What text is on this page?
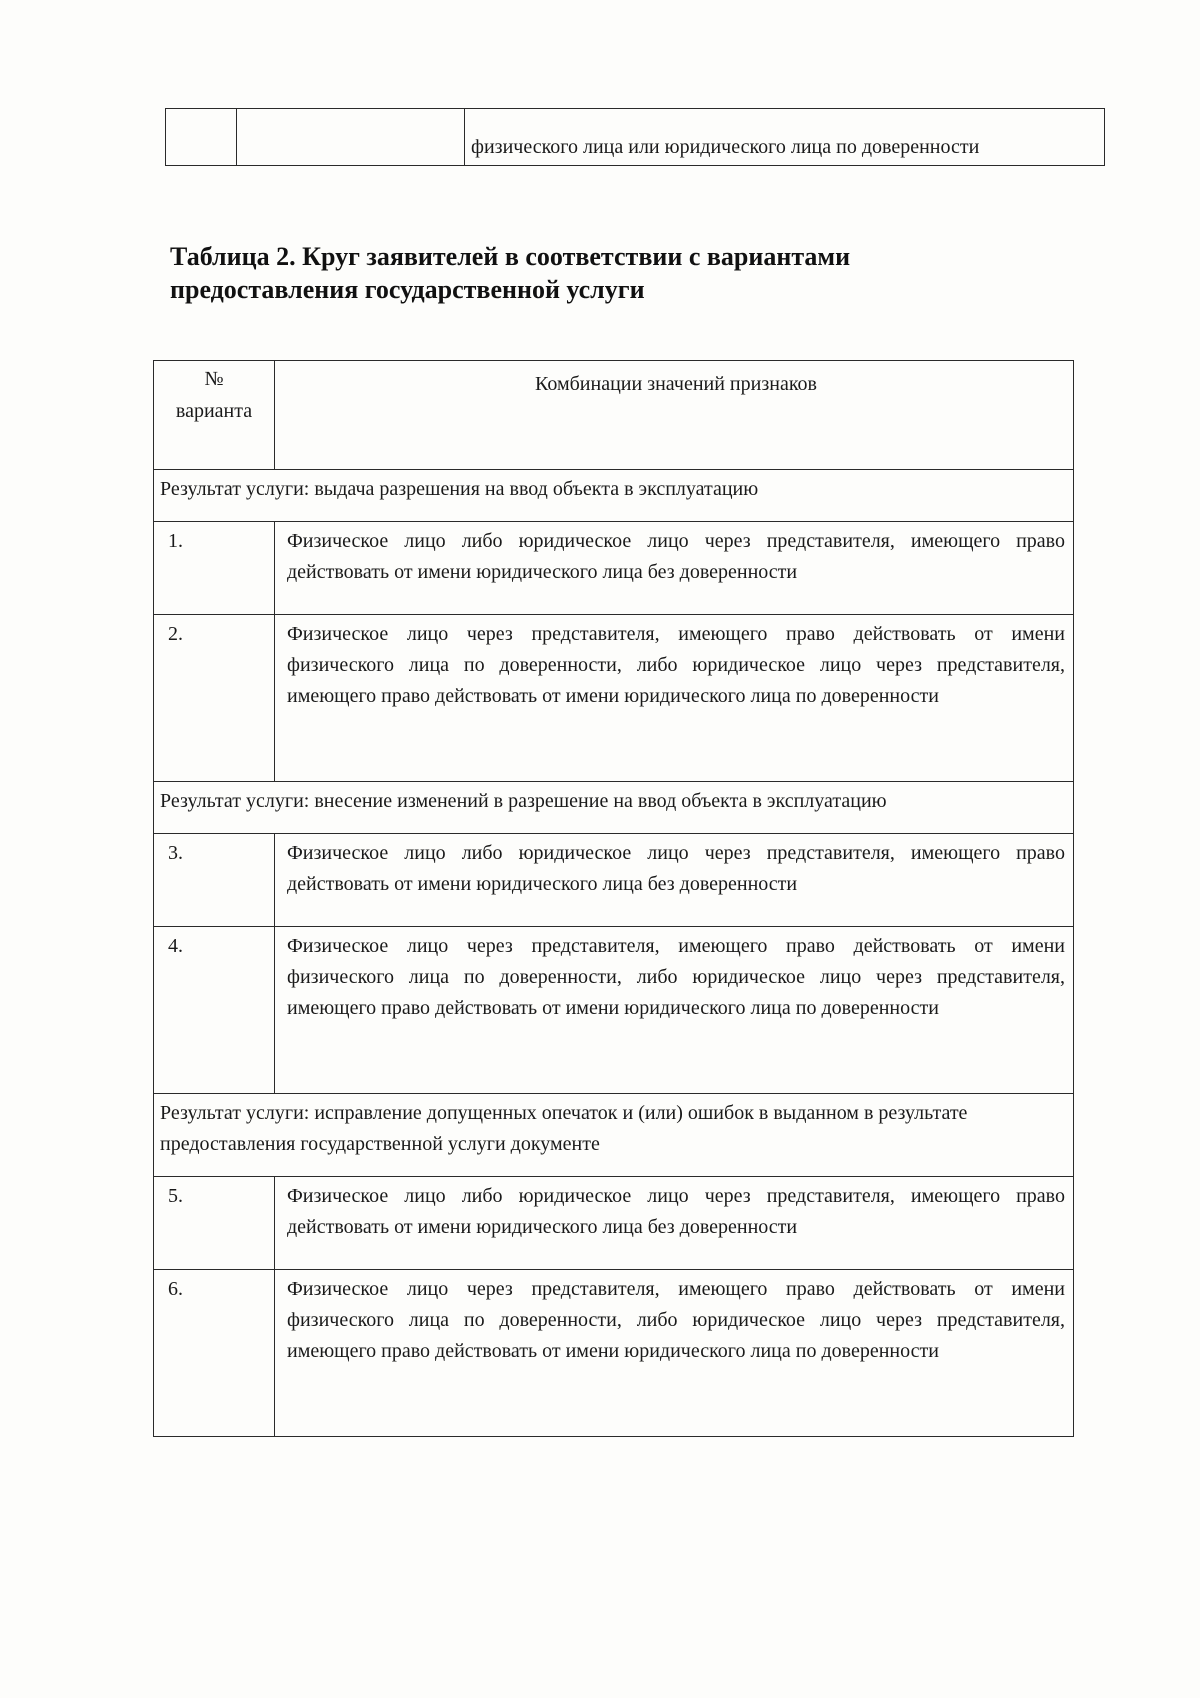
		физического лица или юридического лица по доверенности
Таблица 2. Круг заявителей в соответствии с вариантами
предоставления государственной услуги
№
варианта	Комбинации значений признаков
Результат услуги: выдача разрешения на ввод объекта в эксплуатацию	
1.	Физическое лицо либо юридическое лицо через представителя, имеющего право действовать от имени юридического лица без доверенности
2.	Физическое лицо через представителя, имеющего право действовать от имени физического лица по доверенности, либо юридическое лицо через представителя, имеющего право действовать от имени юридического лица по доверенности
Результат услуги: внесение изменений в разрешение на ввод объекта в эксплуатацию	
3.	Физическое лицо либо юридическое лицо через представителя, имеющего право действовать от имени юридического лица без доверенности
4.	Физическое лицо через представителя, имеющего право действовать от имени физического лица по доверенности, либо юридическое лицо через представителя, имеющего право действовать от имени юридического лица по доверенности
Результат услуги: исправление допущенных опечаток и (или) ошибок в выданном в результате предоставления государственной услуги документе	
5.	Физическое лицо либо юридическое лицо через представителя, имеющего право действовать от имени юридического лица без доверенности
6.	Физическое лицо через представителя, имеющего право действовать от имени физического лица по доверенности, либо юридическое лицо через представителя, имеющего право действовать от имени юридического лица по доверенности
